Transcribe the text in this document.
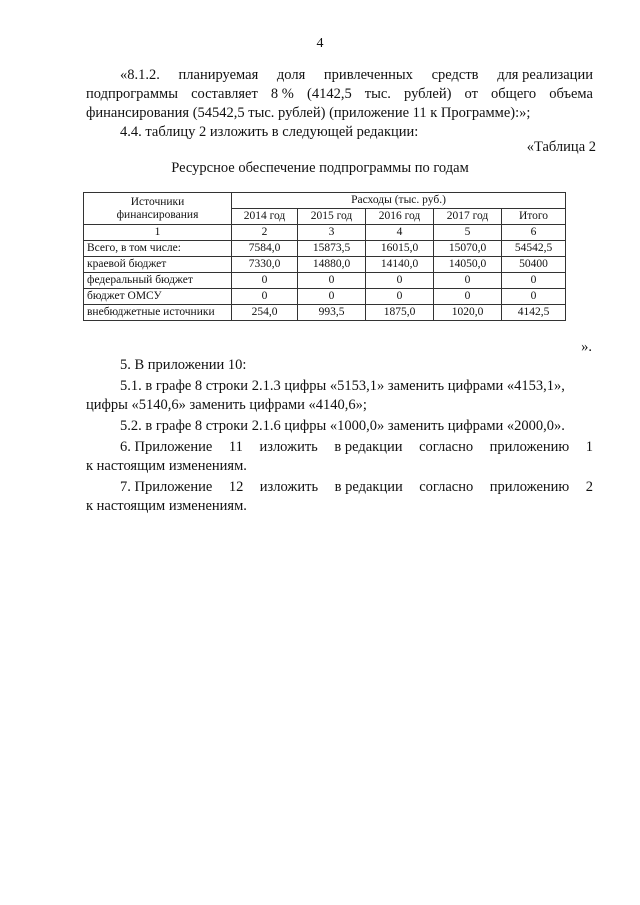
4
«8.1.2. планируемая доля привлеченных средств для реализации
подпрограммы составляет 8 % (4142,5 тыс. рублей) от общего объема
финансирования (54542,5 тыс. рублей) (приложение 11 к Программе):»;
4.4. таблицу 2 изложить в следующей редакции:
«Таблица 2
Ресурсное обеспечение подпрограммы по годам
Источники финансирования	Расходы (тыс. руб.)				
	2014 год	2015 год	2016 год	2017 год	Итого
1	2	3	4	5	6
Всего, в том числе:	7584,0	15873,5	16015,0	15070,0	54542,5
краевой бюджет	7330,0	14880,0	14140,0	14050,0	50400
федеральный бюджет	0	0	0	0	0
бюджет ОМСУ	0	0	0	0	0
внебюджетные источники	254,0	993,5	1875,0	1020,0	4142,5
».
5. В приложении 10:
5.1. в графе 8 строки 2.1.3 цифры «5153,1» заменить цифрами «4153,1»,
цифры «5140,6» заменить цифрами «4140,6»;
5.2. в графе 8 строки 2.1.6 цифры «1000,0» заменить цифрами «2000,0».
6. Приложение 11 изложить в редакции согласно приложению 1
к настоящим изменениям.
7. Приложение 12 изложить в редакции согласно приложению 2
к настоящим изменениям.
